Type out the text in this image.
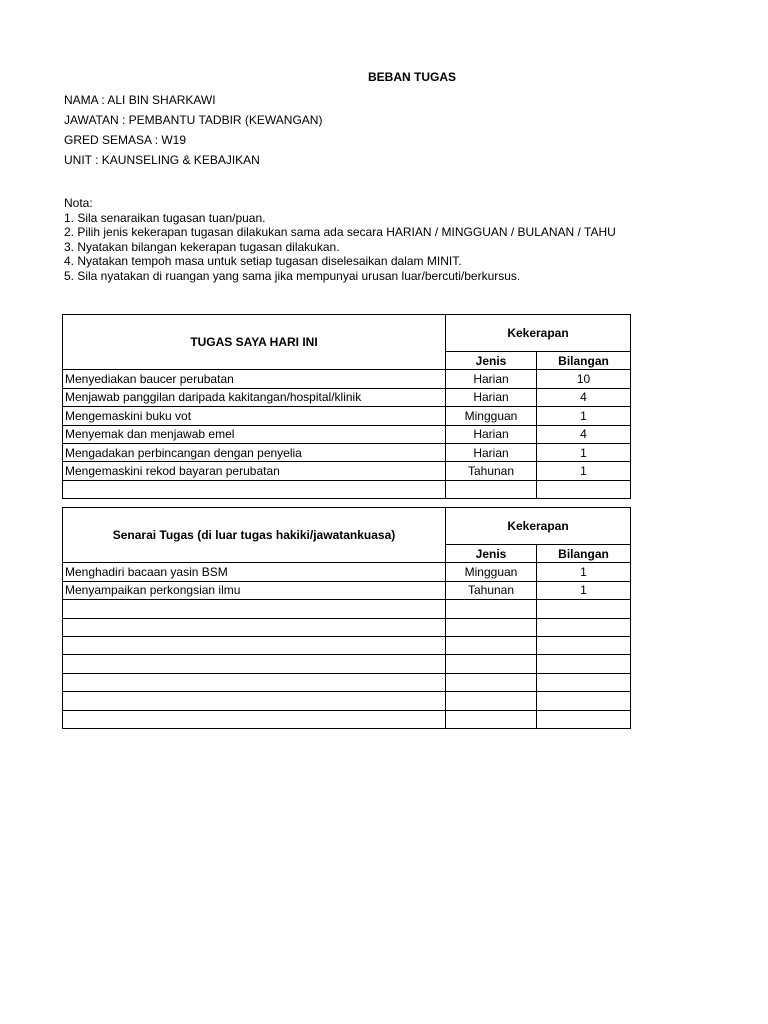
BEBAN TUGAS
NAMA : ALI BIN SHARKAWI
JAWATAN : PEMBANTU TADBIR (KEWANGAN)
GRED SEMASA : W19
UNIT : KAUNSELING & KEBAJIKAN
Nota:
1. Sila senaraikan tugasan tuan/puan.
2. Pilih jenis kekerapan tugasan dilakukan sama ada secara HARIAN / MINGGUAN / BULANAN / TAHU
3. Nyatakan bilangan kekerapan tugasan dilakukan.
4. Nyatakan tempoh masa untuk setiap tugasan diselesaikan dalam MINIT.
5. Sila nyatakan di ruangan yang sama jika mempunyai urusan luar/bercuti/berkursus.
TUGAS SAYA HARI INI	Kekerapan	
	Jenis	Bilangan
Menyediakan baucer perubatan	Harian	10
Menjawab panggilan daripada kakitangan/hospital/klinik	Harian	4
Mengemaskini buku vot	Mingguan	1
Menyemak dan menjawab emel	Harian	4
Mengadakan perbincangan dengan penyelia	Harian	1
Mengemaskini rekod bayaran perubatan	Tahunan	1

Senarai Tugas (di luar tugas hakiki/jawatankuasa)	Kekerapan	
	Jenis	Bilangan
Menghadiri bacaan yasin BSM	Mingguan	1
Menyampaikan perkongsian ilmu	Tahunan	1
